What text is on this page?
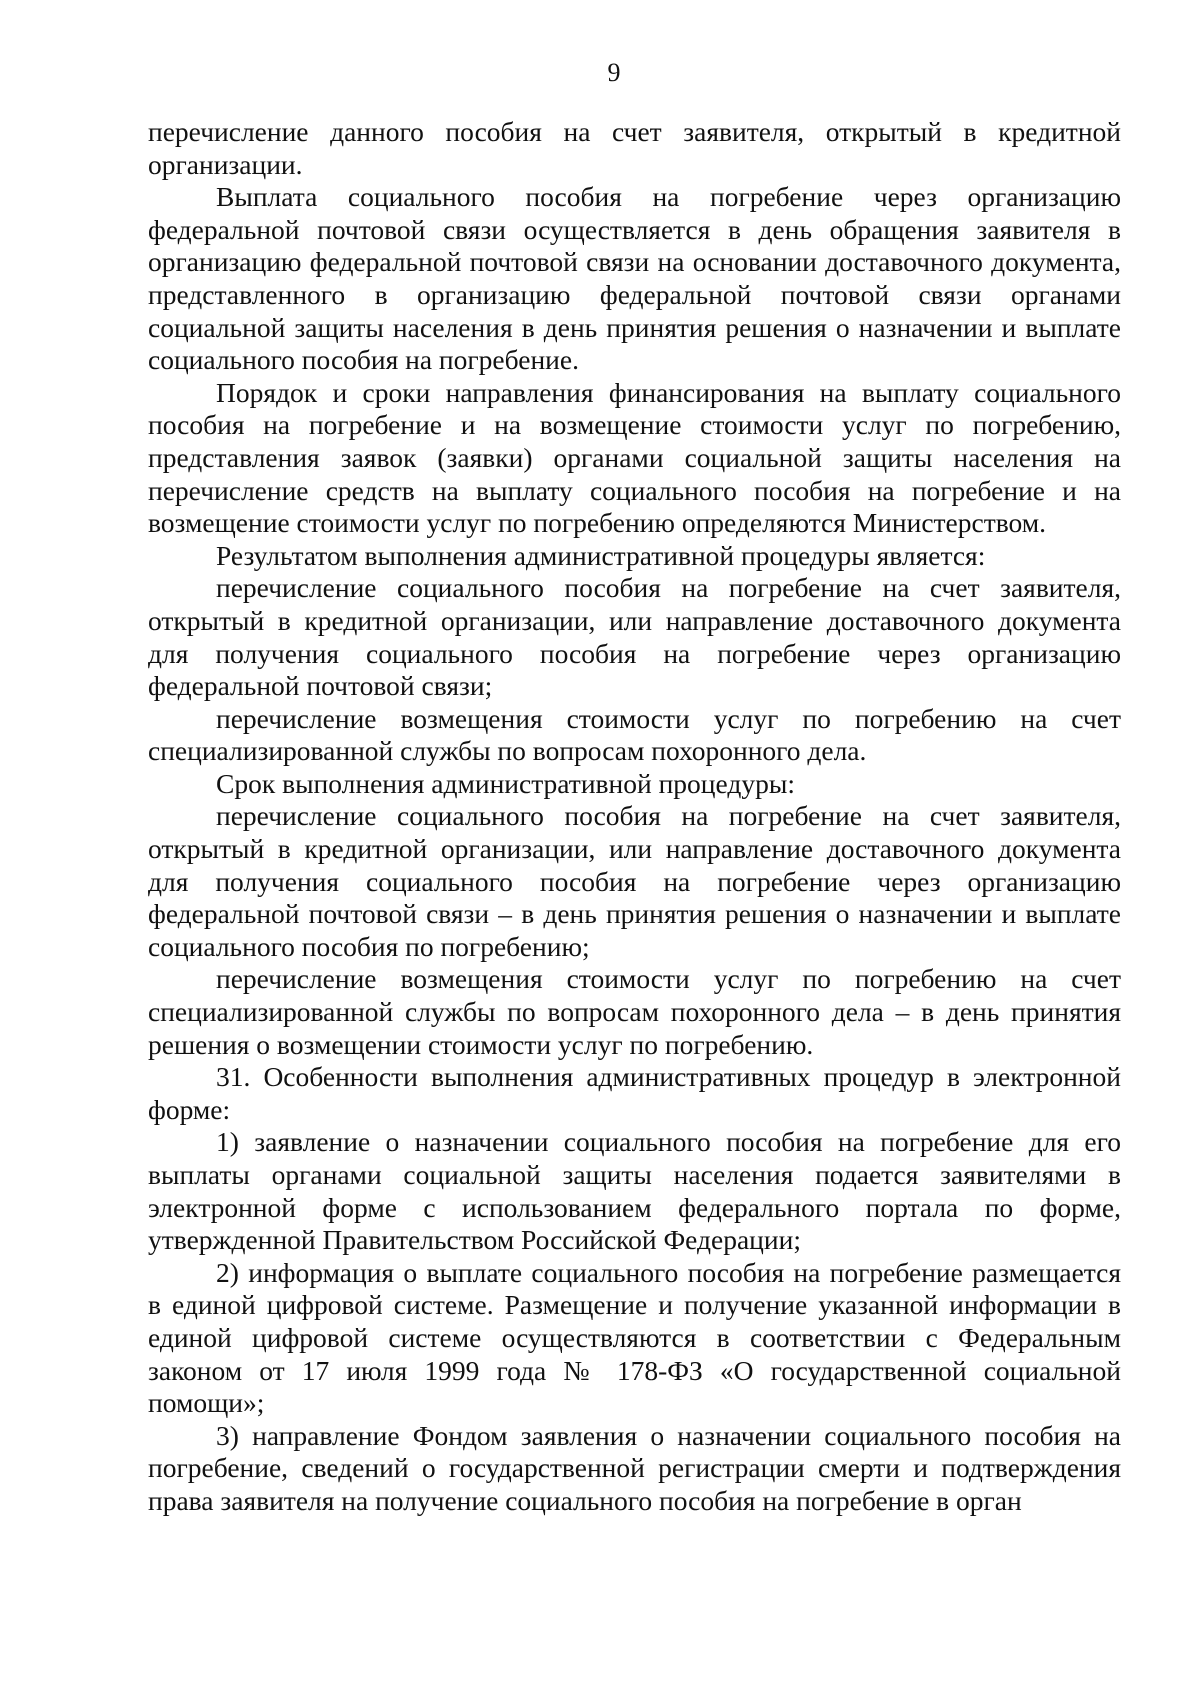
9

перечисление данного пособия на счет заявителя, открытый в кредитной организации.

Выплата социального пособия на погребение через организацию федеральной почтовой связи осуществляется в день обращения заявителя в организацию федеральной почтовой связи на основании доставочного документа, представленного в организацию федеральной почтовой связи органами социальной защиты населения в день принятия решения о назначении и выплате социального пособия на погребение.

Порядок и сроки направления финансирования на выплату социального пособия на погребение и на возмещение стоимости услуг по погребению, представления заявок (заявки) органами социальной защиты населения на перечисление средств на выплату социального пособия на погребение и на возмещение стоимости услуг по погребению определяются Министерством.

Результатом выполнения административной процедуры является:

перечисление социального пособия на погребение на счет заявителя, открытый в кредитной организации, или направление доставочного документа для получения социального пособия на погребение через организацию федеральной почтовой связи;

перечисление возмещения стоимости услуг по погребению на счет специализированной службы по вопросам похоронного дела.

Срок выполнения административной процедуры:

перечисление социального пособия на погребение на счет заявителя, открытый в кредитной организации, или направление доставочного документа для получения социального пособия на погребение через организацию федеральной почтовой связи – в день принятия решения о назначении и выплате социального пособия по погребению;

перечисление возмещения стоимости услуг по погребению на счет специализированной службы по вопросам похоронного дела – в день принятия решения о возмещении стоимости услуг по погребению.

31. Особенности выполнения административных процедур в электронной форме:

1) заявление о назначении социального пособия на погребение для его выплаты органами социальной защиты населения подается заявителями в электронной форме с использованием федерального портала по форме, утвержденной Правительством Российской Федерации;

2) информация о выплате социального пособия на погребение размещается в единой цифровой системе. Размещение и получение указанной информации в единой цифровой системе осуществляются в соответствии с Федеральным законом от 17 июля 1999 года № 178-ФЗ «О государственной социальной помощи»;

3) направление Фондом заявления о назначении социального пособия на погребение, сведений о государственной регистрации смерти и подтверждения права заявителя на получение социального пособия на погребение в орган
